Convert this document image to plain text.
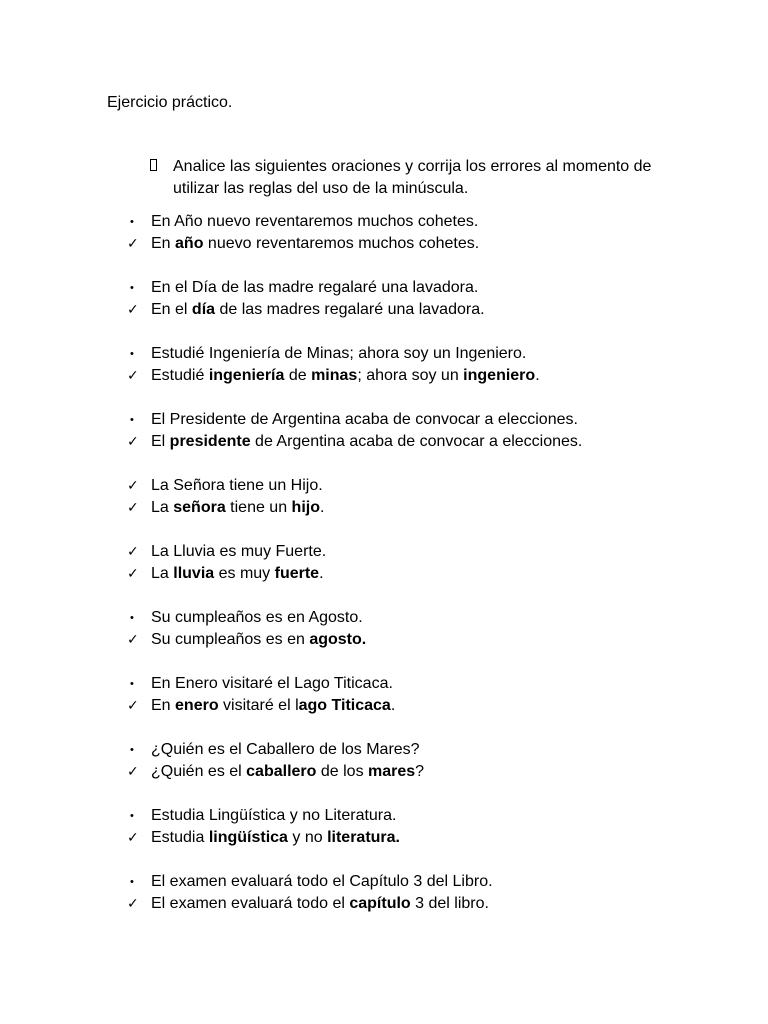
Ejercicio práctico.
Analice las siguientes oraciones y corrija los errores al momento de utilizar las reglas del uso de la minúscula.
•	En Año nuevo reventaremos muchos cohetes.
✓ En año nuevo reventaremos muchos cohetes.
•	En el Día de las madre regalaré una lavadora.
✓ En el día de las madres regalaré una lavadora.
•	Estudié Ingeniería de Minas; ahora soy un Ingeniero.
✓ Estudié ingeniería de minas; ahora soy un ingeniero.
•	El Presidente de Argentina acaba de convocar a elecciones.
✓ El presidente de Argentina acaba de convocar a elecciones.
✓ La Señora tiene un Hijo.
✓ La señora tiene un hijo.
✓ La Lluvia es muy Fuerte.
✓ La lluvia es muy fuerte.
•	Su cumpleaños es en Agosto.
✓ Su cumpleaños es en agosto.
•	En Enero visitaré el Lago Titicaca.
✓ En enero visitaré el lago Titicaca.
•	¿Quién es el Caballero de los Mares?
✓ ¿Quién es el caballero de los mares?
•	Estudia Lingüística y no Literatura.
✓ Estudia lingüística y no literatura.
•	El examen evaluará todo el Capítulo 3 del Libro.
✓ El examen evaluará todo el capítulo 3 del libro.
